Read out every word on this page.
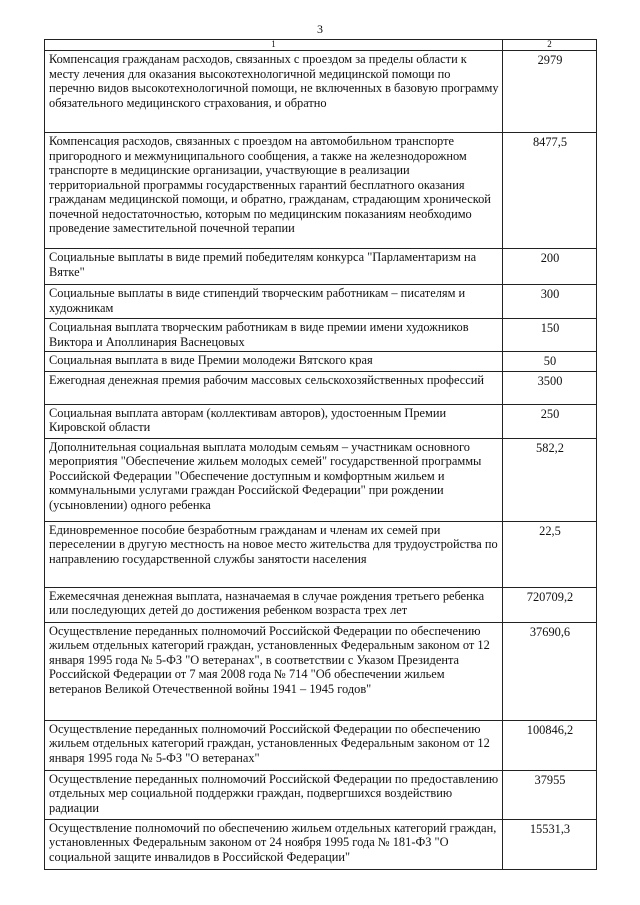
3
1	2
Компенсация гражданам расходов, связанных с проездом за пределы области к месту лечения для оказания высокотехнологичной медицинской помощи по перечню видов высокотехнологичной помощи, не включенных в базовую программу обязательного медицинского страхования, и обратно	2979
Компенсация расходов, связанных с проездом на автомобильном транспорте пригородного и межмуниципального сообщения, а также на железнодорожном транспорте в медицинские организации, участвующие в реализации территориальной программы государственных гарантий бесплатного оказания гражданам медицинской помощи, и обратно, гражданам, страдающим хронической почечной недостаточностью, которым по медицинским показаниям необходимо проведение заместительной почечной терапии	8477,5
Социальные выплаты в виде премий победителям конкурса "Парламентаризм на Вятке"	200
Социальные выплаты в виде стипендий творческим работникам – писателям и художникам	300
Социальная выплата творческим работникам в виде премии имени художников Виктора и Аполлинария Васнецовых	150
Социальная выплата в виде Премии молодежи Вятского края	50
Ежегодная денежная премия рабочим массовых сельскохозяйственных профессий	3500
Социальная выплата авторам (коллективам авторов), удостоенным Премии Кировской области	250
Дополнительная социальная выплата молодым семьям – участникам основного мероприятия "Обеспечение жильем молодых семей" государственной программы Российской Федерации "Обеспечение доступным и комфортным жильем и коммунальными услугами граждан Российской Федерации" при рождении (усыновлении) одного ребенка	582,2
Единовременное пособие безработным гражданам и членам их семей при переселении в другую местность на новое место жительства для трудоустройства по направлению государственной службы занятости населения	22,5
Ежемесячная денежная выплата, назначаемая в случае рождения третьего ребенка или последующих детей до достижения ребенком возраста трех лет	720709,2
Осуществление переданных полномочий Российской Федерации по обеспечению жильем отдельных категорий граждан, установленных Федеральным законом от 12 января 1995 года № 5-ФЗ "О ветеранах", в соответствии с Указом Президента Российской Федерации от 7 мая 2008 года № 714 "Об обеспечении жильем ветеранов Великой Отечественной войны 1941 – 1945 годов"	37690,6
Осуществление переданных полномочий Российской Федерации по обеспечению жильем отдельных категорий граждан, установленных Федеральным законом от 12 января 1995 года № 5-ФЗ "О ветеранах"	100846,2
Осуществление переданных полномочий Российской Федерации по предоставлению отдельных мер социальной поддержки граждан, подвергшихся воздействию радиации	37955
Осуществление полномочий по обеспечению жильем отдельных категорий граждан, установленных Федеральным законом от 24 ноября 1995 года № 181-ФЗ "О социальной защите инвалидов в Российской Федерации"	15531,3
